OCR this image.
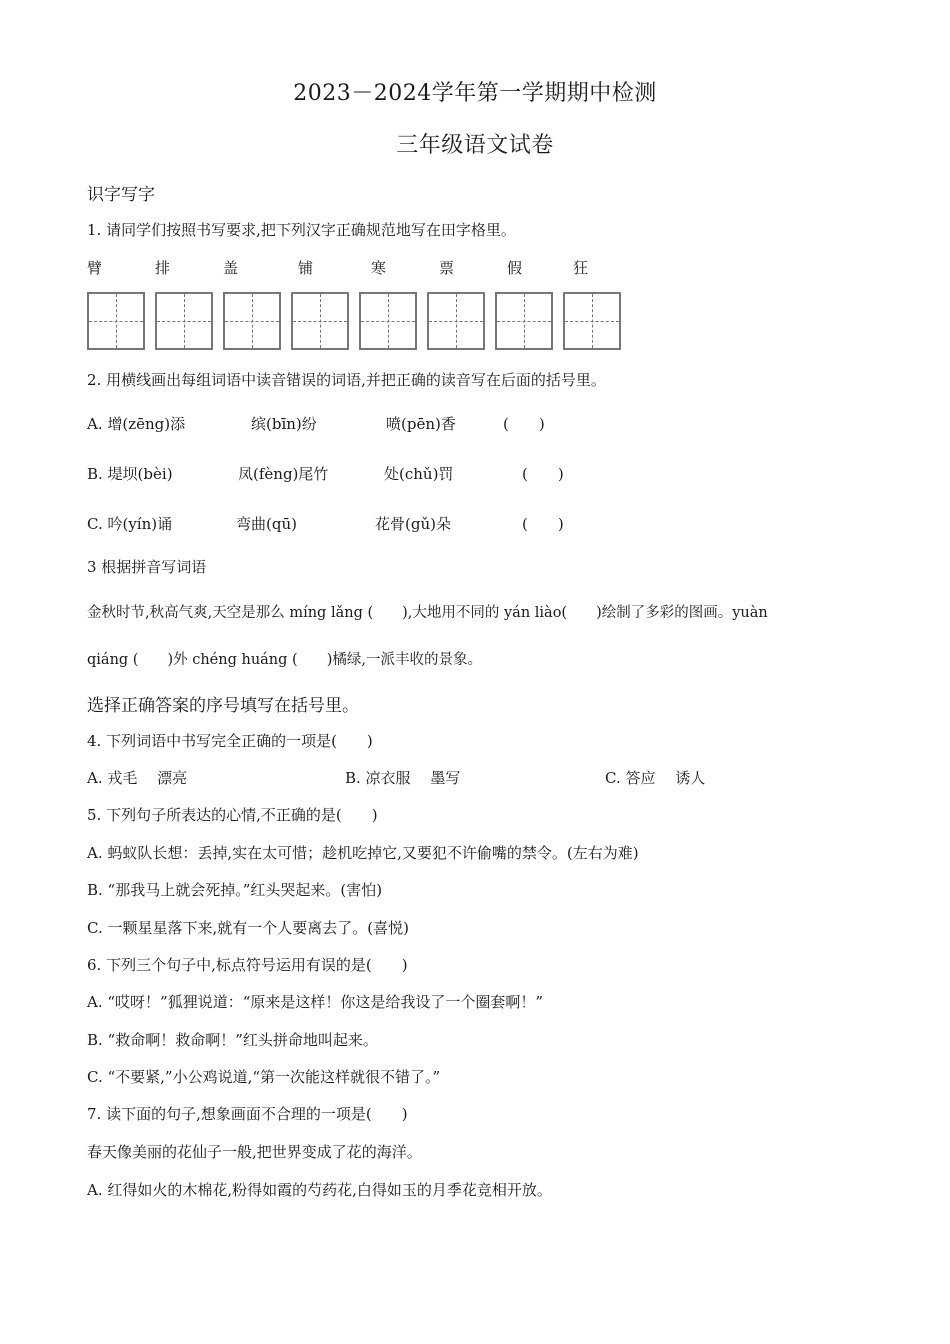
2023－2024学年第一学期期中检测
三年级语文试卷
识字写字
1. 请同学们按照书写要求,把下列汉字正确规范地写在田字格里。
臂	排	盖	铺	寒	票	假	狂
2. 用横线画出每组词语中读音错误的词语,并把正确的读音写在后面的括号里。
A. 增(zēng)添	缤(bīn)纷	喷(pēn)香	(　　)
B. 堤坝(bèi)	凤(fèng)尾竹	处(chǔ)罚	(　　)
C. 吟(yín)诵	弯曲(qū)	花骨(gǔ)朵	(　　)
3 根据拼音写词语
金秋时节,秋高气爽,天空是那么 míng lǎng (　　),大地用不同的 yán liào(　　)绘制了多彩的图画。yuàn
qiáng (　　)外 chéng huáng (　　)橘绿,一派丰收的景象。
选择正确答案的序号填写在括号里。
4. 下列词语中书写完全正确的一项是(　　)
A. 戎毛　 漂亮	B. 凉衣服　 墨写	C. 答应　 诱人
5. 下列句子所表达的心情,不正确的是(　　)
A. 蚂蚁队长想：丢掉,实在太可惜；趁机吃掉它,又要犯不许偷嘴的禁令。(左右为难)
B. “那我马上就会死掉。”红头哭起来。(害怕)
C. 一颗星星落下来,就有一个人要离去了。(喜悦)
6. 下列三个句子中,标点符号运用有误的是(　　)
A. “哎呀！”狐狸说道：“原来是这样！你这是给我设了一个圈套啊！”
B. “救命啊！救命啊！”红头拼命地叫起来。
C. “不要紧,”小公鸡说道,“第一次能这样就很不错了。”
7. 读下面的句子,想象画面不合理的一项是(　　)
春天像美丽的花仙子一般,把世界变成了花的海洋。
A. 红得如火的木棉花,粉得如霞的芍药花,白得如玉的月季花竞相开放。
